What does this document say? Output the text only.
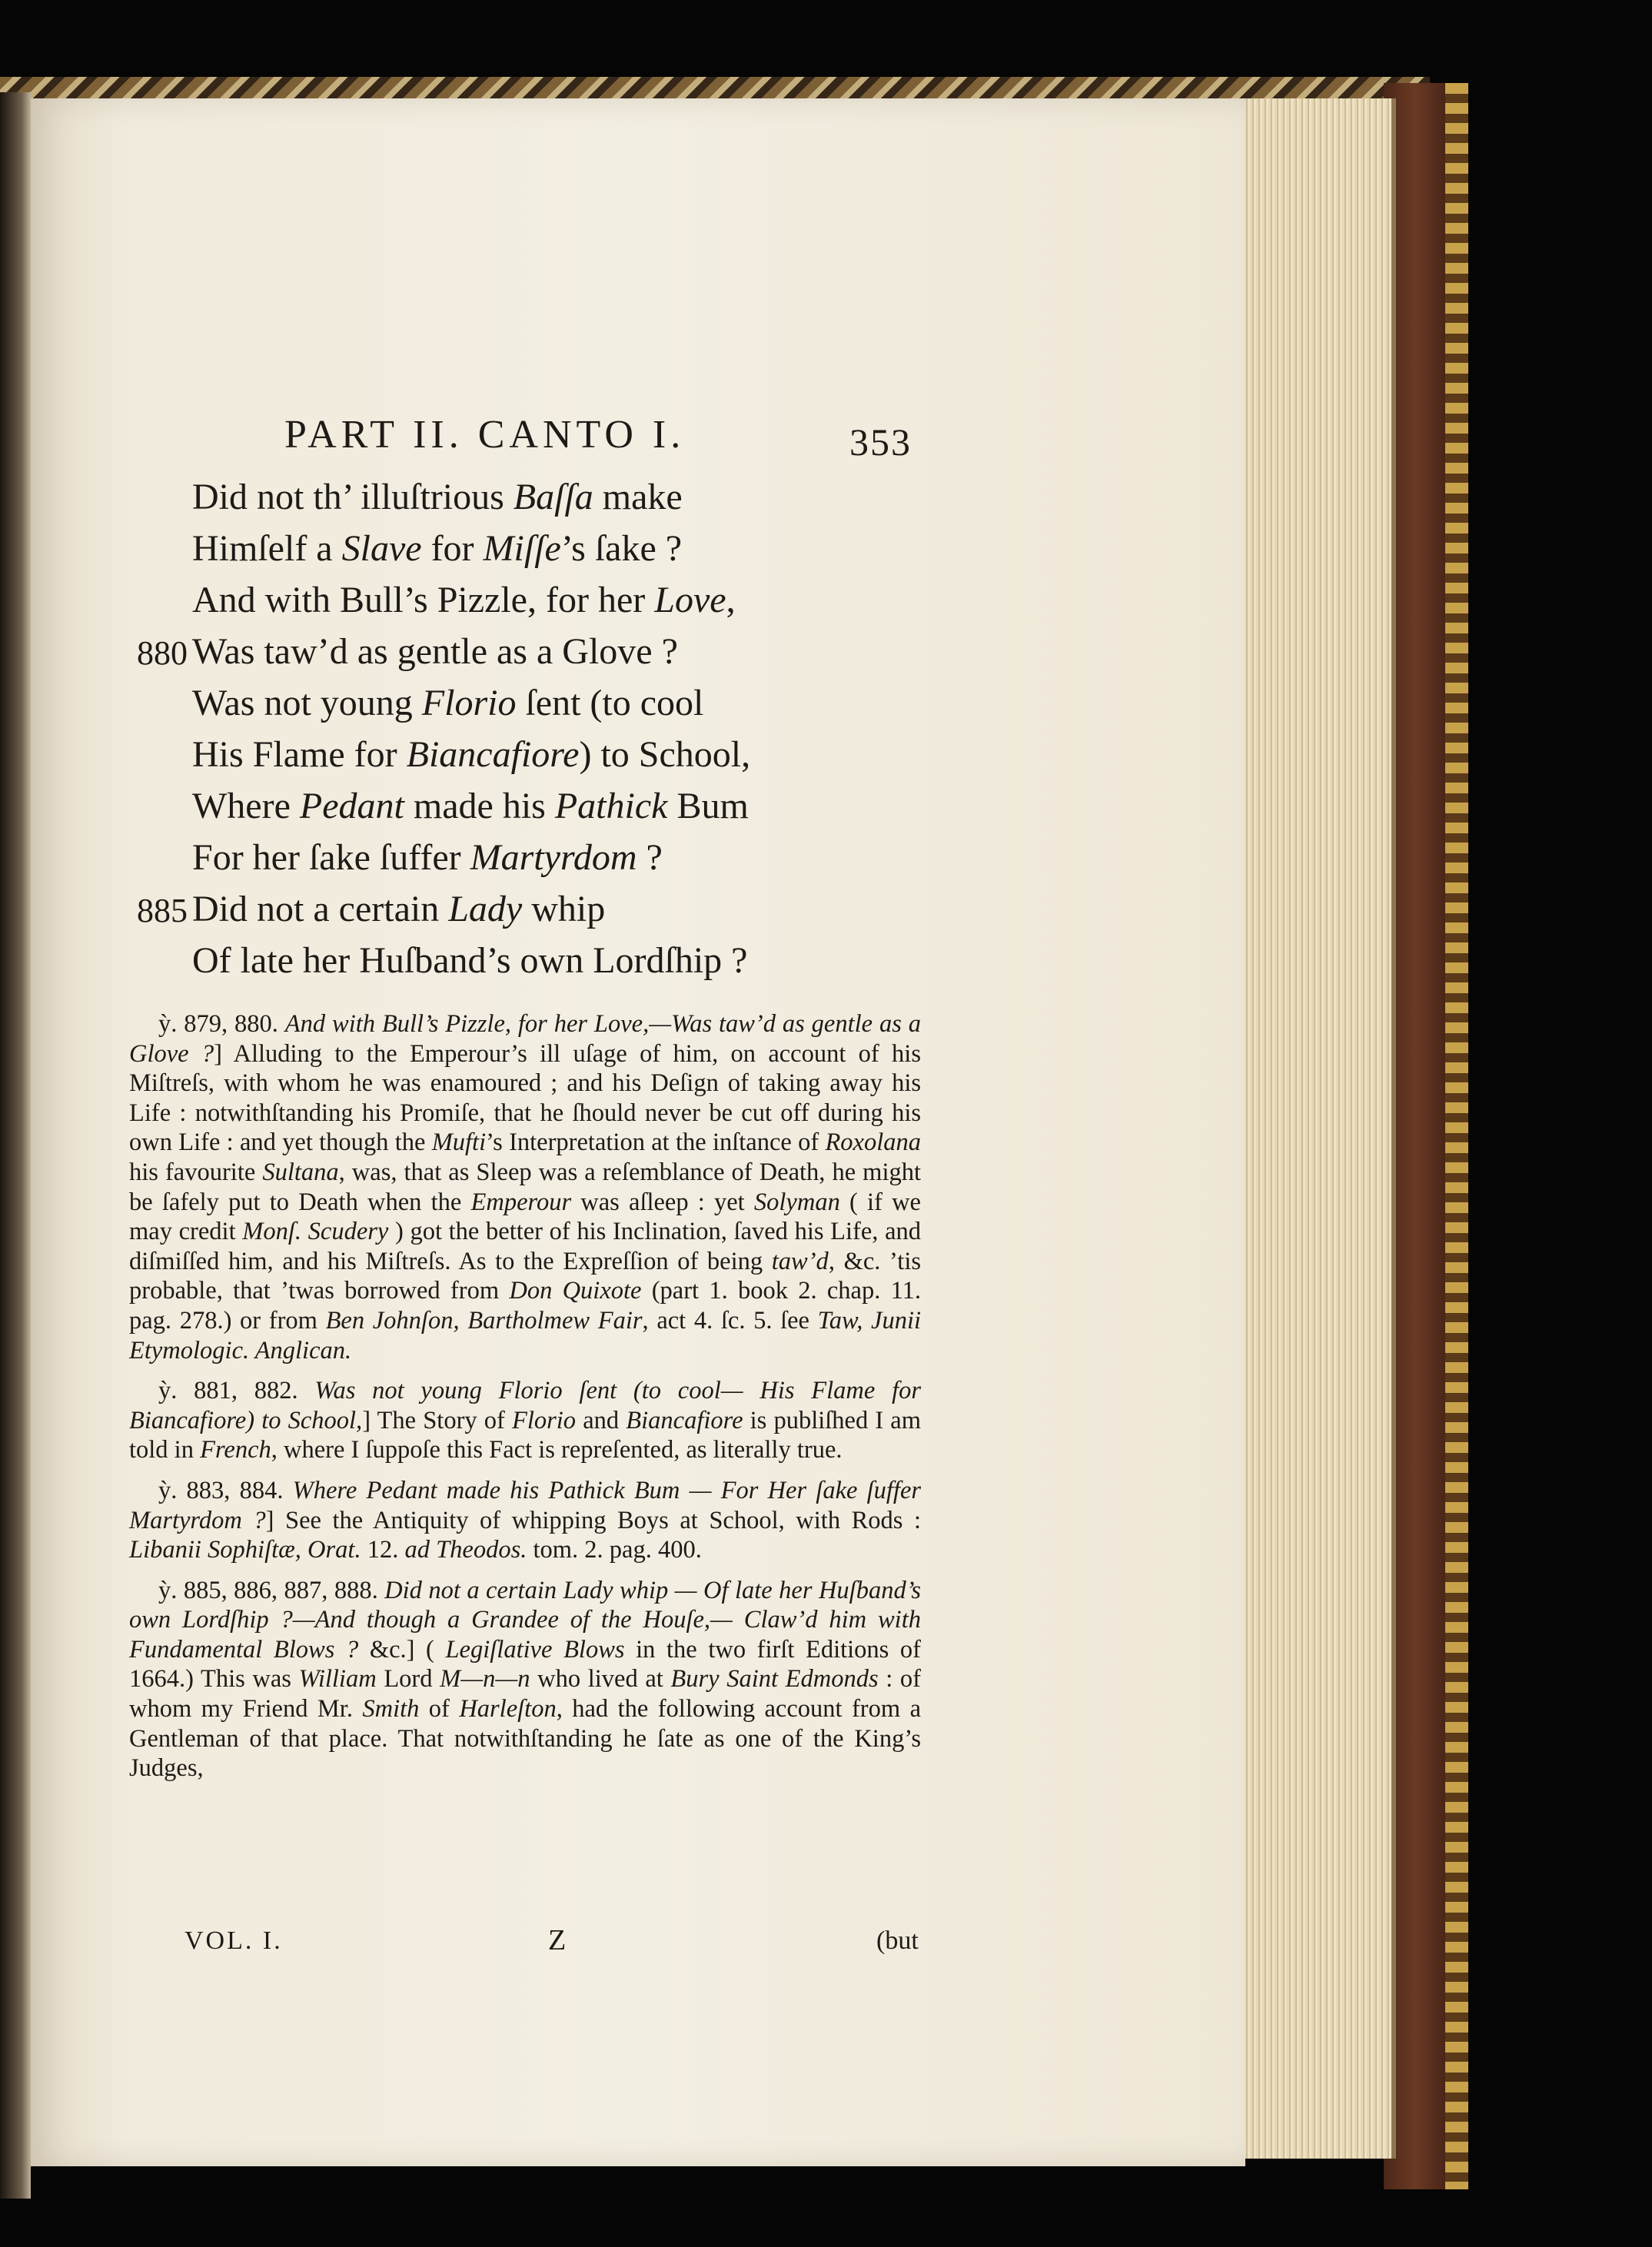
PART II. CANTO I.	353
Did not th’ illuſtrious Baſſa make
Himſelf a Slave for Miſſe’s ſake ?
And with Bull’s Pizzle, for her Love,
Was taw’d as gentle as a Glove ?
880
Was not young Florio ſent (to cool
His Flame for Biancafiore) to School,
Where Pedant made his Pathick Bum
For her ſake ſuffer Martyrdom ?
Did not a certain Lady whip
885
Of late her Huſband’s own Lordſhip ?

ỳ. 879, 880. And with Bull’s Pizzle, for her Love,—Was taw’d as gentle as a Glove ?] Alluding to the Emperour’s ill uſage of him, on account of his Miſtreſs, with whom he was enamoured ; and his Deſign of taking away his Life : notwithſtanding his Promiſe, that he ſhould never be cut off during his own Life : and yet though the Mufti’s Interpretation at the inſtance of Roxolana his favourite Sultana, was, that as Sleep was a reſemblance of Death, he might be ſafely put to Death when the Emperour was aſleep : yet Solyman ( if we may credit Monſ. Scudery ) got the better of his Inclination, ſaved his Life, and diſmiſſed him, and his Miſtreſs. As to the Expreſſion of being taw’d, &c. ’tis probable, that ’twas borrowed from Don Quixote (part 1. book 2. chap. 11. pag. 278.) or from Ben Johnſon, Bartholmew Fair, act 4. ſc. 5. ſee Taw, Junii Etymologic. Anglican.

ỳ. 881, 882. Was not young Florio ſent (to cool— His Flame for Biancafiore) to School,] The Story of Florio and Biancafiore is publiſhed I am told in French, where I ſuppoſe this Fact is repreſented, as literally true.

ỳ. 883, 884. Where Pedant made his Pathick Bum — For Her ſake ſuffer Martyrdom ?] See the Antiquity of whipping Boys at School, with Rods : Libanii Sophiſtæ, Orat. 12. ad Theodos. tom. 2. pag. 400.

ỳ. 885, 886, 887, 888. Did not a certain Lady whip — Of late her Huſband’s own Lordſhip ?—And though a Grandee of the Houſe,— Claw’d him with Fundamental Blows ? &c.] ( Legiſlative Blows in the two firſt Editions of 1664.) This was William Lord M—n—n who lived at Bury Saint Edmonds : of whom my Friend Mr. Smith of Harleſton, had the following account from a Gentleman of that place. That notwithſtanding he ſate as one of the King’s Judges,

VOL. I.	Z	(but
